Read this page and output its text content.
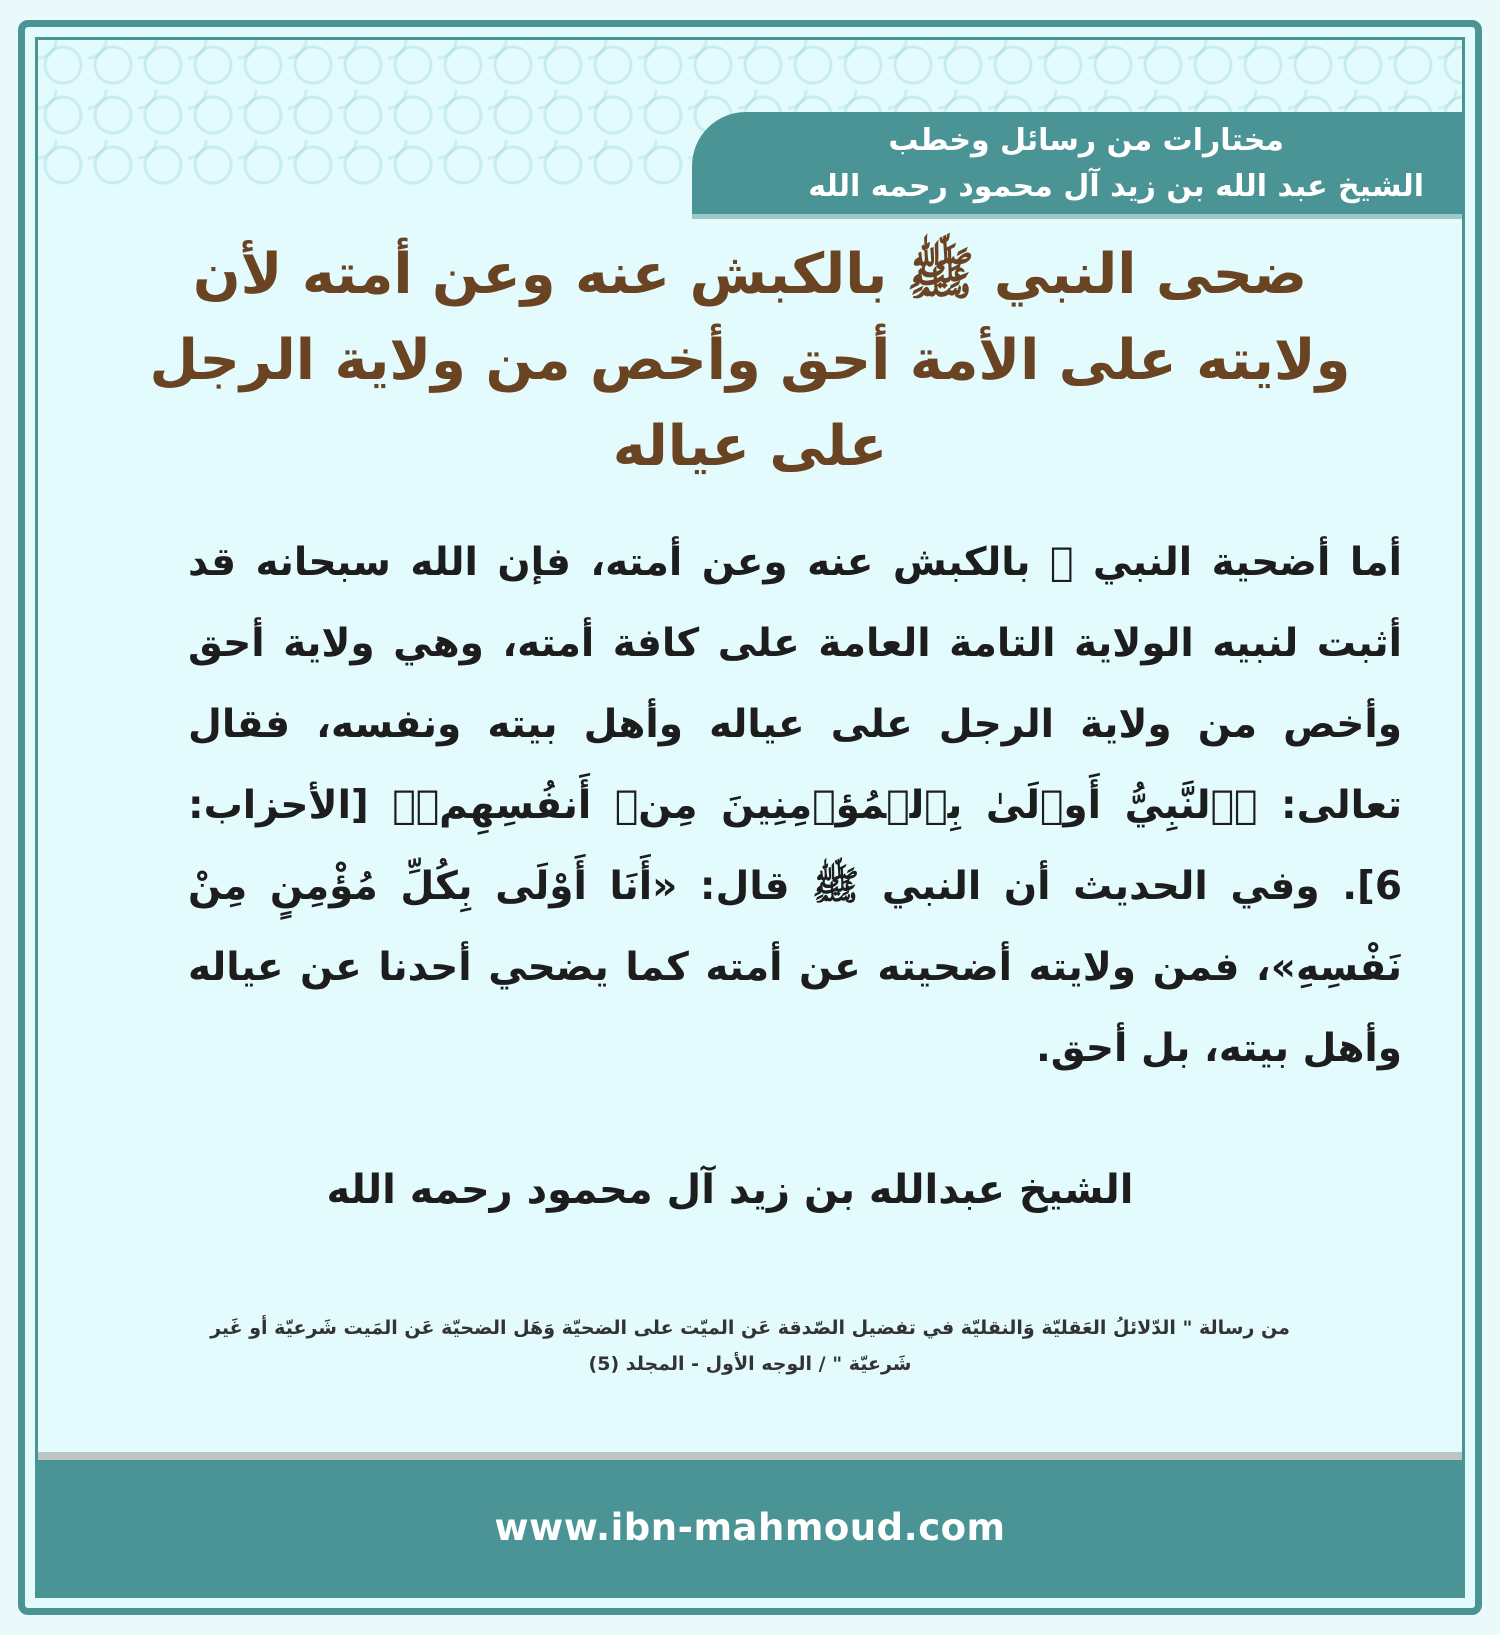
مختارات من رسائل وخطب
الشيخ عبد الله بن زيد آل محمود رحمه الله
ضحى النبي ﷺ بالكبش عنه وعن أمته لأن ولايته على الأمة أحق وأخص من ولاية الرجل على عياله
أما أضحية النبي ﷺ بالكبش عنه وعن أمته، فإن الله سبحانه قد أثبت لنبيه الولاية التامة العامة على كافة أمته، وهي ولاية أحق وأخص من ولاية الرجل على عياله وأهل بيته ونفسه، فقال تعالى: ﴿ٱلنَّبِيُّ أَوۡلَىٰ بِٱلۡمُؤۡمِنِينَ مِنۡ أَنفُسِهِمۡ﴾ [الأحزاب: 6]. وفي الحديث أن النبي ﷺ قال: «أَنَا أَوْلَى بِكُلِّ مُؤْمِنٍ مِنْ نَفْسِهِ»، فمن ولايته أضحيته عن أمته كما يضحي أحدنا عن عياله وأهل بيته، بل أحق.
الشيخ عبدالله بن زيد آل محمود رحمه الله
من رسالة " الدّلائلُ العَقليّة وَالنقليّة في تفضيل الصّدقة عَن الميّت على الضحيّة وَهَل الضحيّة عَن المَيت شَرعيّة أو غَير
شَرعيّة " / الوجه الأول - المجلد (5)
www.ibn-mahmoud.com
